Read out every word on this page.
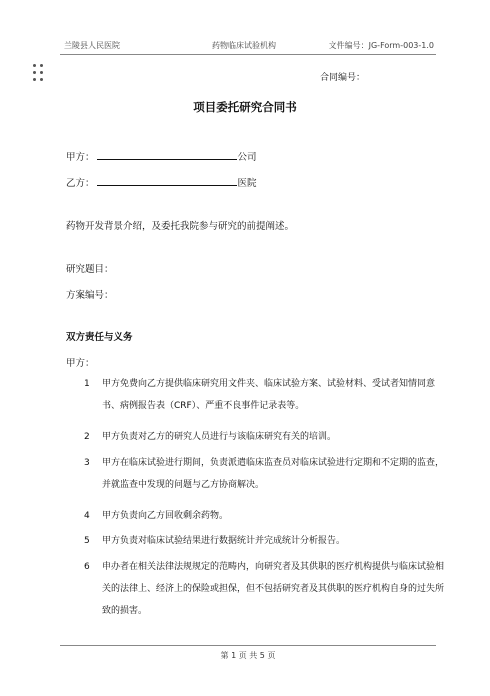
兰陵县人民医院	药物临床试验机构	文件编号：JG-Form-003-1.0
合同编号：
项目委托研究合同书
甲方：	公司
乙方：	医院
药物开发背景介绍，及委托我院参与研究的前提阐述。
研究题目：
方案编号：
双方责任与义务
甲方：
1	甲方免费向乙方提供临床研究用文件夹、临床试验方案、试验材料、受试者知情同意书、病例报告表（CRF）、严重不良事件记录表等。
2	甲方负责对乙方的研究人员进行与该临床研究有关的培训。
3	甲方在临床试验进行期间，负责派遣临床监查员对临床试验进行定期和不定期的监查，并就监查中发现的问题与乙方协商解决。
4	甲方负责向乙方回收剩余药物。
5	甲方负责对临床试验结果进行数据统计并完成统计分析报告。
6	申办者在相关法律法规规定的范畴内，向研究者及其供职的医疗机构提供与临床试验相关的法律上、经济上的保险或担保，但不包括研究者及其供职的医疗机构自身的过失所致的损害。
第 1 页 共 5 页
